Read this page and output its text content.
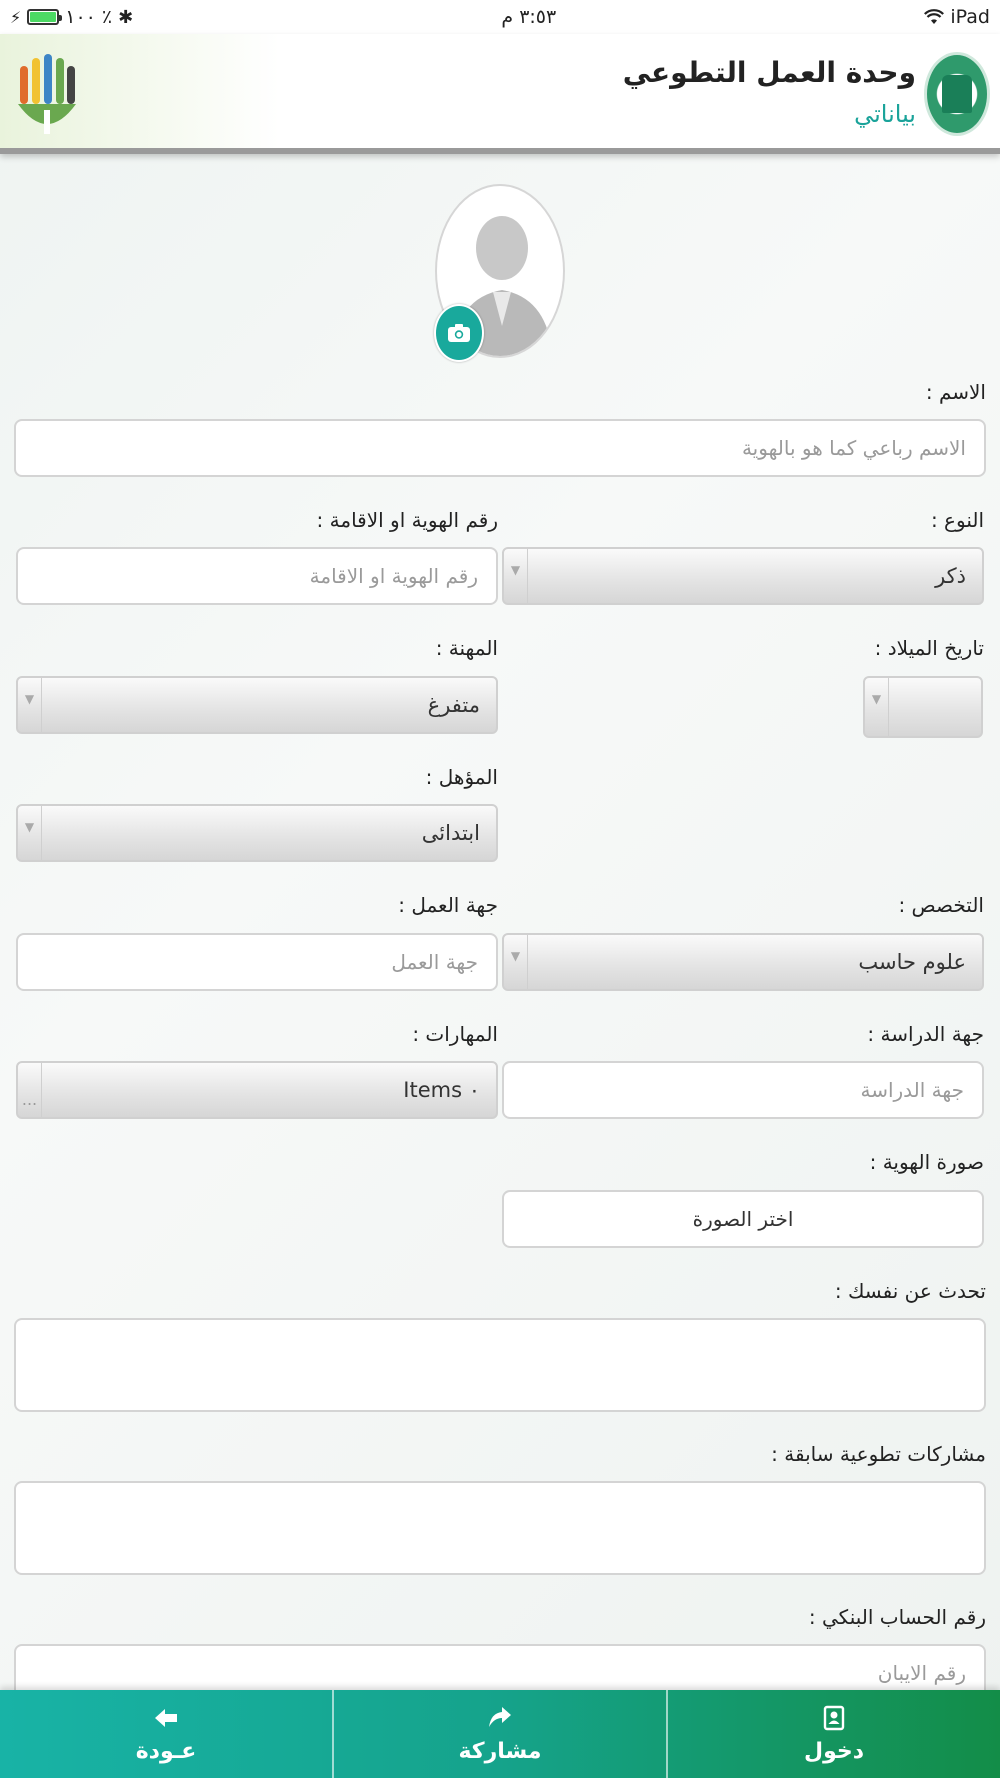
⚡ ١٠٠ ٪ ✱	٣:٥٣ م	iPad
وحدة العمل التطوعي
بياناتي
الاسم :
الاسم رباعي كما هو بالهوية
النوع :
ذكر
▼
رقم الهوية او الاقامة :
رقم الهوية او الاقامة
تاريخ الميلاد :
▼
المهنة :
متفرغ
▼
المؤهل :
ابتدائى
▼
التخصص :
علوم حاسب
▼
جهة العمل :
جهة العمل
جهة الدراسة :
جهة الدراسة
المهارات :
٠ Items
...
صورة الهوية :
اختر الصورة
تحدث عن نفسك :
مشاركات تطوعية سابقة :
رقم الحساب البنكي :
رقم الايبان
عـودة	مشاركة	دخول
